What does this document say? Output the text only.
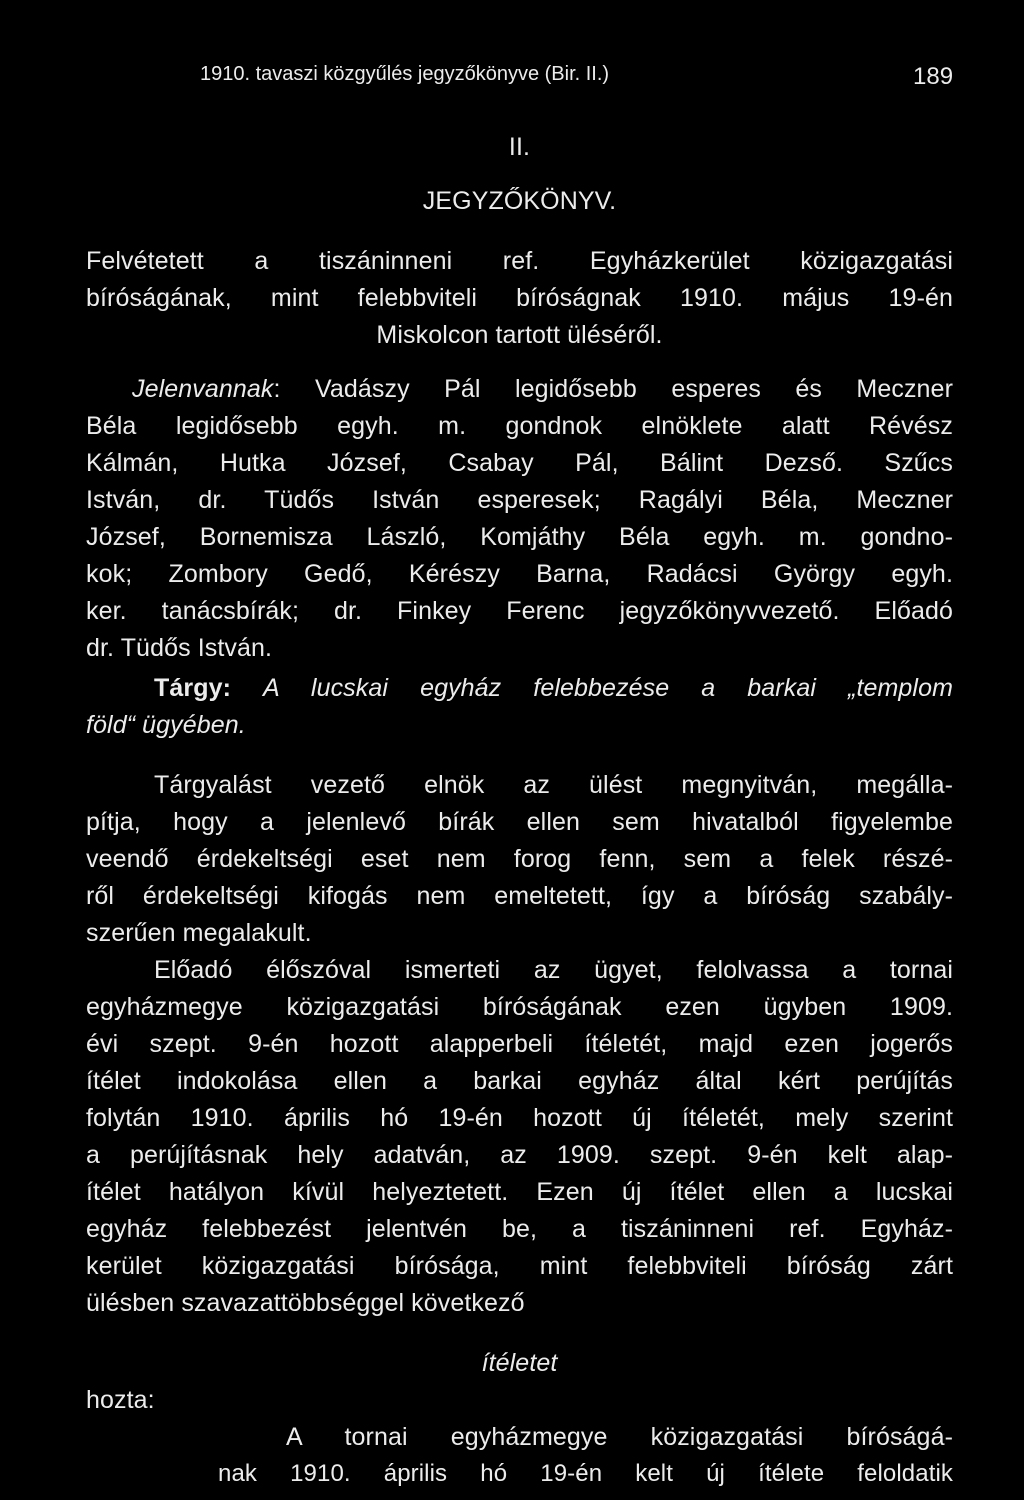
1910. tavaszi közgyűlés jegyzőkönyve (Bir. II.)	189
II.
JEGYZŐKÖNYV.
Felvétetett a tiszáninneni ref. Egyházkerület közigazgatási
bíróságának, mint felebbviteli bíróságnak 1910. május 19-én
Miskolcon tartott üléséről.
Jelenvannak: Vadászy Pál legidősebb esperes és Meczner
Béla legidősebb egyh. m. gondnok elnöklete alatt Révész
Kálmán, Hutka József, Csabay Pál, Bálint Dezső. Szűcs
István, dr. Tüdős István esperesek; Ragályi Béla, Meczner
József, Bornemisza László, Komjáthy Béla egyh. m. gondno-
kok; Zombory Gedő, Kérészy Barna, Radácsi György egyh.
ker. tanácsbírák; dr. Finkey Ferenc jegyzőkönyvvezető. Előadó
dr. Tüdős István.
Tárgy: A lucskai egyház felebbezése a barkai „templom
föld“ ügyében.
Tárgyalást vezető elnök az ülést megnyitván, megálla-
pítja, hogy a jelenlevő bírák ellen sem hivatalból figyelembe
veendő érdekeltségi eset nem forog fenn, sem a felek részé-
ről érdekeltségi kifogás nem emeltetett, így a bíróság szabály-
szerűen megalakult.
Előadó élőszóval ismerteti az ügyet, felolvassa a tornai
egyházmegye közigazgatási bíróságának ezen ügyben 1909.
évi szept. 9-én hozott alapperbeli ítéletét, majd ezen jogerős
ítélet indokolása ellen a barkai egyház által kért perújítás
folytán 1910. április hó 19-én hozott új ítéletét, mely szerint
a perújításnak hely adatván, az 1909. szept. 9-én kelt alap-
ítélet hatályon kívül helyeztetett. Ezen új ítélet ellen a lucskai
egyház felebbezést jelentvén be, a tiszáninneni ref. Egyház-
kerület közigazgatási bírósága, mint felebbviteli bíróság zárt
ülésben szavazattöbbséggel következő
ítéletet
hozta:
A tornai egyházmegye közigazgatási bíróságá-
nak 1910. április hó 19-én kelt új ítélete feloldatik
